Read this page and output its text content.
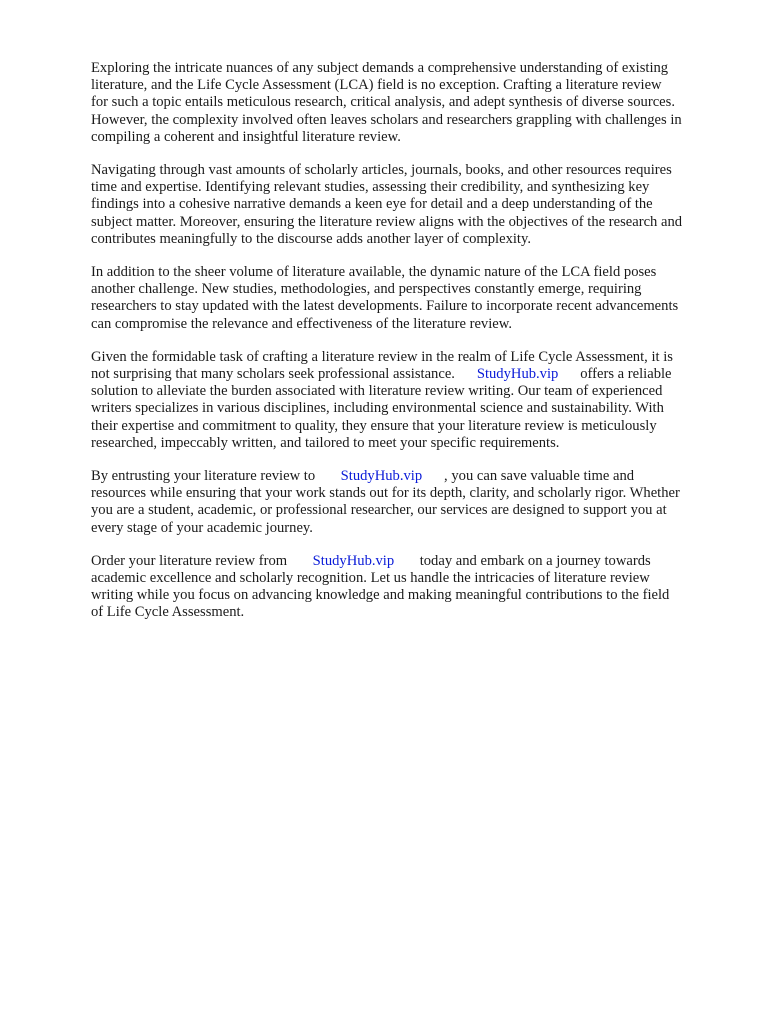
Exploring the intricate nuances of any subject demands a comprehensive understanding of existing
literature, and the Life Cycle Assessment (LCA) field is no exception. Crafting a literature review
for such a topic entails meticulous research, critical analysis, and adept synthesis of diverse sources.
However, the complexity involved often leaves scholars and researchers grappling with challenges in
compiling a coherent and insightful literature review.

Navigating through vast amounts of scholarly articles, journals, books, and other resources requires
time and expertise. Identifying relevant studies, assessing their credibility, and synthesizing key
findings into a cohesive narrative demands a keen eye for detail and a deep understanding of the
subject matter. Moreover, ensuring the literature review aligns with the objectives of the research and
contributes meaningfully to the discourse adds another layer of complexity.

In addition to the sheer volume of literature available, the dynamic nature of the LCA field poses
another challenge. New studies, methodologies, and perspectives constantly emerge, requiring
researchers to stay updated with the latest developments. Failure to incorporate recent advancements
can compromise the relevance and effectiveness of the literature review.

Given the formidable task of crafting a literature review in the realm of Life Cycle Assessment, it is
not surprising that many scholars seek professional assistance.      StudyHub.vip      offers a reliable
solution to alleviate the burden associated with literature review writing. Our team of experienced
writers specializes in various disciplines, including environmental science and sustainability. With
their expertise and commitment to quality, they ensure that your literature review is meticulously
researched, impeccably written, and tailored to meet your specific requirements.

By entrusting your literature review to       StudyHub.vip      , you can save valuable time and
resources while ensuring that your work stands out for its depth, clarity, and scholarly rigor. Whether
you are a student, academic, or professional researcher, our services are designed to support you at
every stage of your academic journey.

Order your literature review from       StudyHub.vip       today and embark on a journey towards
academic excellence and scholarly recognition. Let us handle the intricacies of literature review
writing while you focus on advancing knowledge and making meaningful contributions to the field
of Life Cycle Assessment.
